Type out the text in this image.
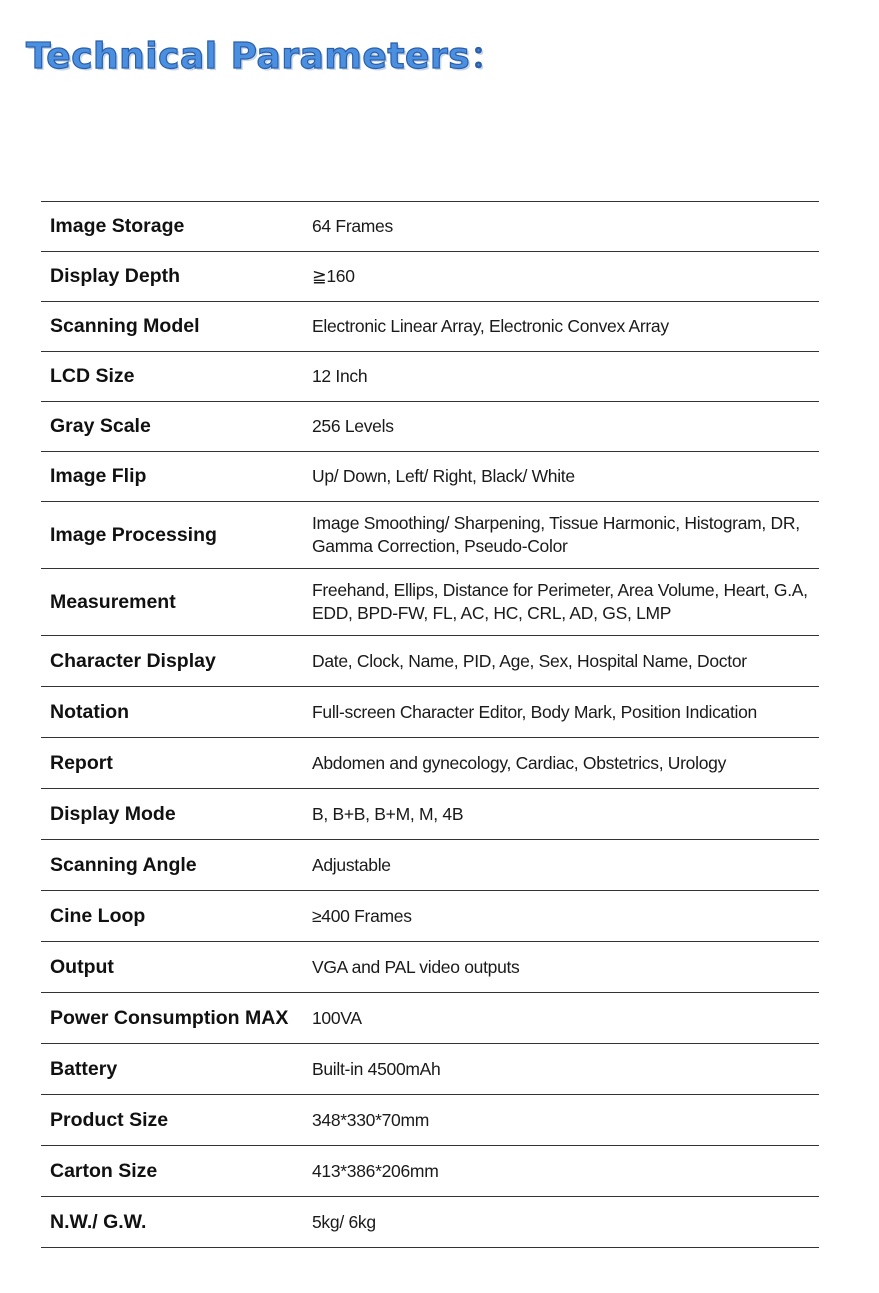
Technical Parameters：
Image Storage	64 Frames
Display Depth	≧160
Scanning Model	Electronic Linear Array, Electronic Convex Array
LCD Size	12 Inch
Gray Scale	256 Levels
Image Flip	Up/ Down, Left/ Right, Black/ White
Image Processing	Image Smoothing/ Sharpening, Tissue Harmonic, Histogram, DR, Gamma Correction, Pseudo-Color
Measurement	Freehand, Ellips, Distance for Perimeter, Area Volume, Heart, G.A, EDD, BPD-FW, FL, AC, HC, CRL, AD, GS, LMP
Character Display	Date, Clock, Name, PID, Age, Sex, Hospital Name, Doctor
Notation	Full-screen Character Editor, Body Mark, Position Indication
Report	Abdomen and gynecology, Cardiac, Obstetrics, Urology
Display Mode	B, B+B, B+M, M, 4B
Scanning Angle	Adjustable
Cine Loop	≥400 Frames
Output	VGA and PAL video outputs
Power Consumption MAX	100VA
Battery	Built-in 4500mAh
Product Size	348*330*70mm
Carton Size	413*386*206mm
N.W./ G.W.	5kg/ 6kg
